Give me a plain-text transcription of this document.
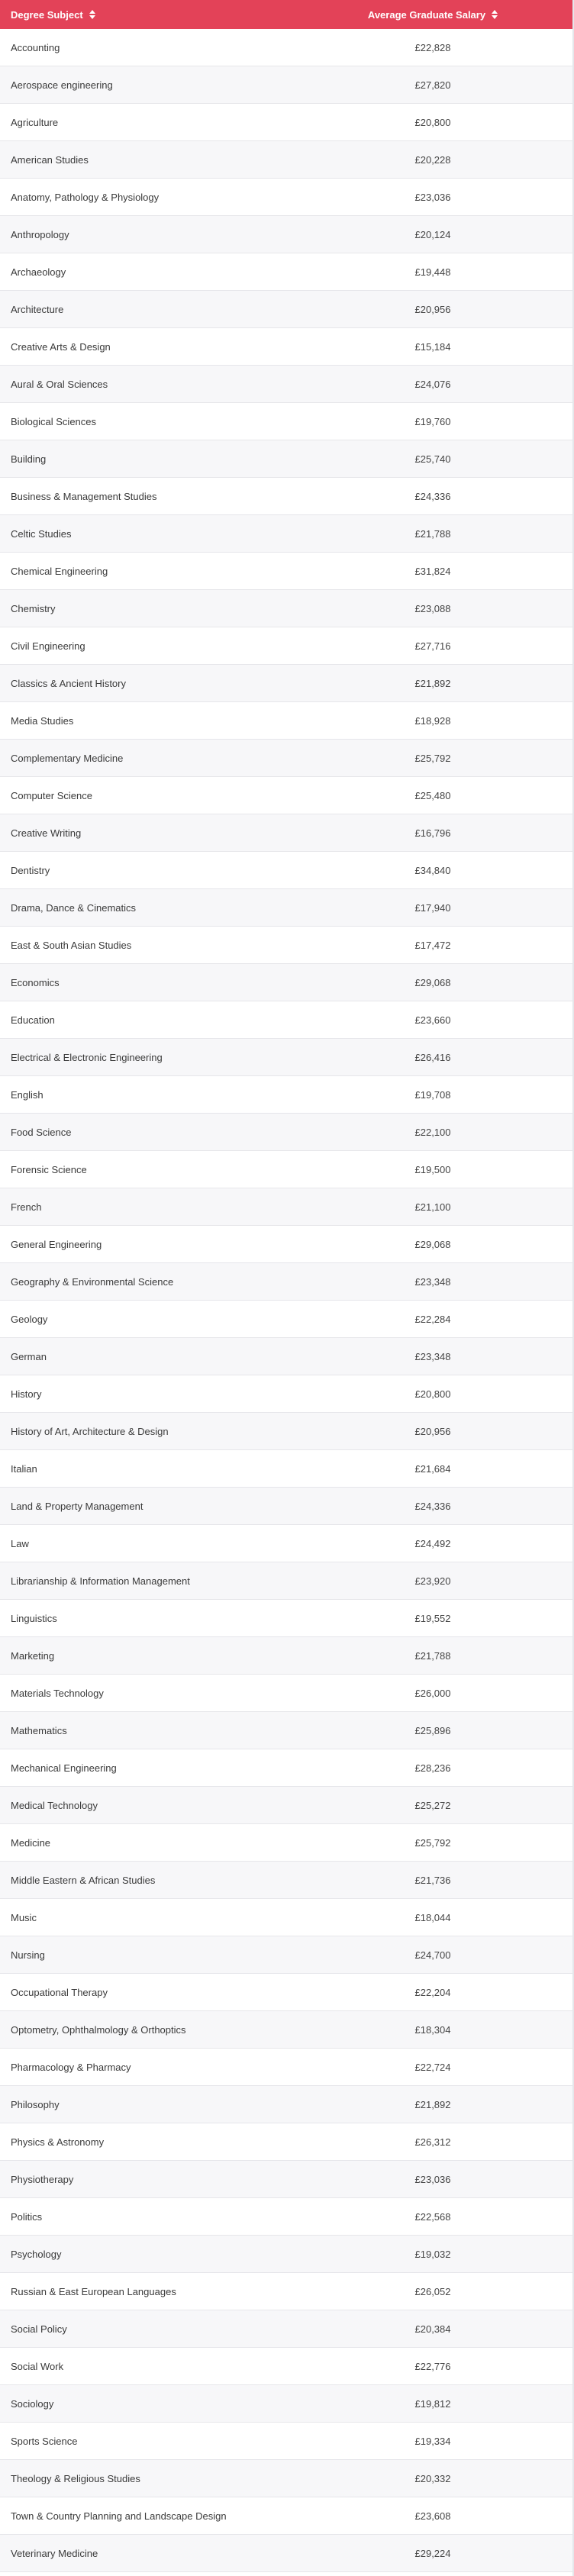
Degree Subject	Average Graduate Salary
Accounting	£22,828
Aerospace engineering	£27,820
Agriculture	£20,800
American Studies	£20,228
Anatomy, Pathology & Physiology	£23,036
Anthropology	£20,124
Archaeology	£19,448
Architecture	£20,956
Creative Arts & Design	£15,184
Aural & Oral Sciences	£24,076
Biological Sciences	£19,760
Building	£25,740
Business & Management Studies	£24,336
Celtic Studies	£21,788
Chemical Engineering	£31,824
Chemistry	£23,088
Civil Engineering	£27,716
Classics & Ancient History	£21,892
Media Studies	£18,928
Complementary Medicine	£25,792
Computer Science	£25,480
Creative Writing	£16,796
Dentistry	£34,840
Drama, Dance & Cinematics	£17,940
East & South Asian Studies	£17,472
Economics	£29,068
Education	£23,660
Electrical & Electronic Engineering	£26,416
English	£19,708
Food Science	£22,100
Forensic Science	£19,500
French	£21,100
General Engineering	£29,068
Geography & Environmental Science	£23,348
Geology	£22,284
German	£23,348
History	£20,800
History of Art, Architecture & Design	£20,956
Italian	£21,684
Land & Property Management	£24,336
Law	£24,492
Librarianship & Information Management	£23,920
Linguistics	£19,552
Marketing	£21,788
Materials Technology	£26,000
Mathematics	£25,896
Mechanical Engineering	£28,236
Medical Technology	£25,272
Medicine	£25,792
Middle Eastern & African Studies	£21,736
Music	£18,044
Nursing	£24,700
Occupational Therapy	£22,204
Optometry, Ophthalmology & Orthoptics	£18,304
Pharmacology & Pharmacy	£22,724
Philosophy	£21,892
Physics & Astronomy	£26,312
Physiotherapy	£23,036
Politics	£22,568
Psychology	£19,032
Russian & East European Languages	£26,052
Social Policy	£20,384
Social Work	£22,776
Sociology	£19,812
Sports Science	£19,334
Theology & Religious Studies	£20,332
Town & Country Planning and Landscape Design	£23,608
Veterinary Medicine	£29,224
